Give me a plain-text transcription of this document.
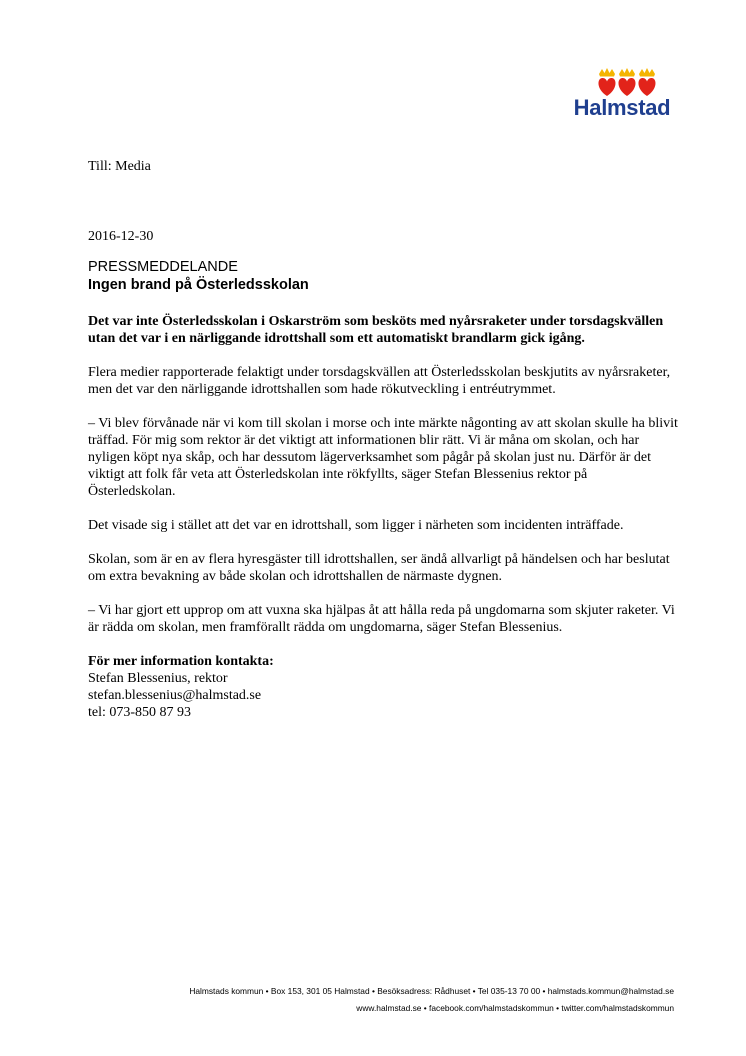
Halmstad

Till: Media

2016-12-30

PRESSMEDDELANDE
Ingen brand på Österledsskolan

Det var inte Österledsskolan i Oskarström som besköts med nyårsraketer under torsdagskvällen utan det var i en närliggande idrottshall som ett automatiskt brandlarm gick igång.

Flera medier rapporterade felaktigt under torsdagskvällen att Österledsskolan beskjutits av nyårsraketer, men det var den närliggande idrottshallen som hade rökutveckling i entréutrymmet.

– Vi blev förvånade när vi kom till skolan i morse och inte märkte någonting av att skolan skulle ha blivit träffad. För mig som rektor är det viktigt att informationen blir rätt. Vi är måna om skolan, och har nyligen köpt nya skåp, och har dessutom lägerverksamhet som pågår på skolan just nu. Därför är det viktigt att folk får veta att Österledskolan inte rökfyllts, säger Stefan Blessenius rektor på Österledskolan.

Det visade sig i stället att det var en idrottshall, som ligger i närheten som incidenten inträffade.

Skolan, som är en av flera hyresgäster till idrottshallen, ser ändå allvarligt på händelsen och har beslutat om extra bevakning av både skolan och idrottshallen de närmaste dygnen.

– Vi har gjort ett upprop om att vuxna ska hjälpas åt att hålla reda på ungdomarna som skjuter raketer. Vi är rädda om skolan, men framförallt rädda om ungdomarna, säger Stefan Blessenius.

För mer information kontakta:
Stefan Blessenius, rektor
stefan.blessenius@halmstad.se
tel: 073-850 87 93
Halmstads kommun • Box 153, 301 05 Halmstad • Besöksadress: Rådhuset • Tel 035-13 70 00 • halmstads.kommun@halmstad.se
www.halmstad.se • facebook.com/halmstadskommun • twitter.com/halmstadskommun
